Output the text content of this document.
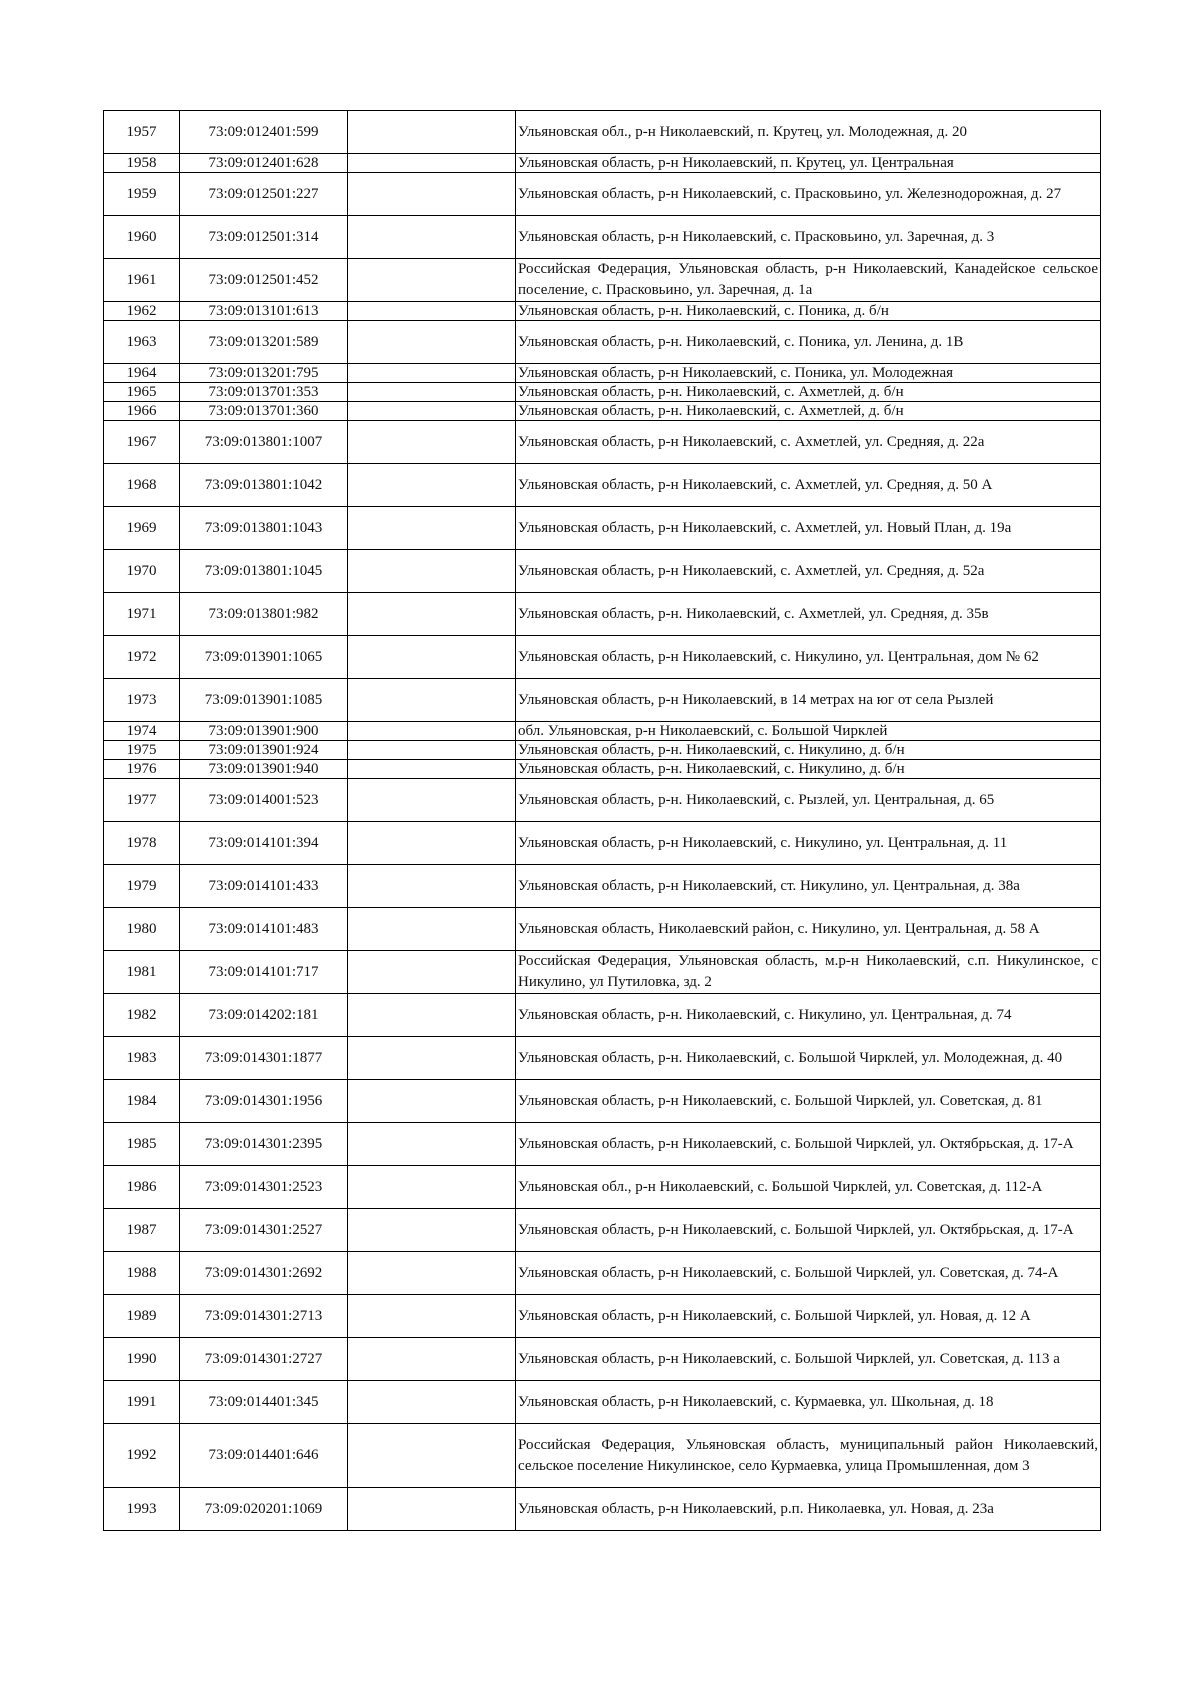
1957	73:09:012401:599		Ульяновская обл., р-н Николаевский, п. Крутец, ул. Молодежная, д. 20
1958	73:09:012401:628		Ульяновская область, р-н Николаевский, п. Крутец, ул. Центральная
1959	73:09:012501:227		Ульяновская область, р-н Николаевский, с. Прасковьино, ул. Железнодорожная, д. 27
1960	73:09:012501:314		Ульяновская область, р-н Николаевский, с. Прасковьино, ул. Заречная, д. 3
1961	73:09:012501:452		Российская Федерация, Ульяновская область, р-н Николаевский, Канадейское сельское поселение, с. Прасковьино, ул. Заречная, д. 1а
1962	73:09:013101:613		Ульяновская область, р-н. Николаевский, с. Поника, д. б/н
1963	73:09:013201:589		Ульяновская область, р-н. Николаевский, с. Поника, ул. Ленина, д. 1В
1964	73:09:013201:795		Ульяновская область, р-н Николаевский, с. Поника, ул. Молодежная
1965	73:09:013701:353		Ульяновская область, р-н. Николаевский, с. Ахметлей, д. б/н
1966	73:09:013701:360		Ульяновская область, р-н. Николаевский, с. Ахметлей, д. б/н
1967	73:09:013801:1007		Ульяновская область, р-н Николаевский, с. Ахметлей, ул. Средняя, д. 22а
1968	73:09:013801:1042		Ульяновская область, р-н Николаевский, с. Ахметлей, ул. Средняя, д. 50 А
1969	73:09:013801:1043		Ульяновская область, р-н Николаевский, с. Ахметлей, ул. Новый План, д. 19а
1970	73:09:013801:1045		Ульяновская область, р-н Николаевский, с. Ахметлей, ул. Средняя, д. 52а
1971	73:09:013801:982		Ульяновская область, р-н. Николаевский, с. Ахметлей, ул. Средняя, д. 35в
1972	73:09:013901:1065		Ульяновская область, р-н Николаевский, с. Никулино, ул. Центральная, дом № 62
1973	73:09:013901:1085		Ульяновская область, р-н Николаевский, в 14 метрах на юг от села Рызлей
1974	73:09:013901:900		обл. Ульяновская, р-н Николаевский, с. Большой Чирклей
1975	73:09:013901:924		Ульяновская область, р-н. Николаевский, с. Никулино, д. б/н
1976	73:09:013901:940		Ульяновская область, р-н. Николаевский, с. Никулино, д. б/н
1977	73:09:014001:523		Ульяновская область, р-н. Николаевский, с. Рызлей, ул. Центральная, д. 65
1978	73:09:014101:394		Ульяновская область, р-н Николаевский, с. Никулино, ул. Центральная, д. 11
1979	73:09:014101:433		Ульяновская область, р-н Николаевский, ст. Никулино, ул. Центральная, д. 38а
1980	73:09:014101:483		Ульяновская область, Николаевский район, с. Никулино, ул. Центральная, д. 58 А
1981	73:09:014101:717		Российская Федерация, Ульяновская область, м.р-н Николаевский, с.п. Никулинское, с Никулино, ул Путиловка, зд. 2
1982	73:09:014202:181		Ульяновская область, р-н. Николаевский, с. Никулино, ул. Центральная, д. 74
1983	73:09:014301:1877		Ульяновская область, р-н. Николаевский, с. Большой Чирклей, ул. Молодежная, д. 40
1984	73:09:014301:1956		Ульяновская область, р-н Николаевский, с. Большой Чирклей, ул. Советская, д. 81
1985	73:09:014301:2395		Ульяновская область, р-н Николаевский, с. Большой Чирклей, ул. Октябрьская, д. 17-А
1986	73:09:014301:2523		Ульяновская обл., р-н Николаевский, с. Большой Чирклей, ул. Советская, д. 112-А
1987	73:09:014301:2527		Ульяновская область, р-н Николаевский, с. Большой Чирклей, ул. Октябрьская, д. 17-А
1988	73:09:014301:2692		Ульяновская область, р-н Николаевский, с. Большой Чирклей, ул. Советская, д. 74-А
1989	73:09:014301:2713		Ульяновская область, р-н Николаевский, с. Большой Чирклей, ул. Новая, д. 12 А
1990	73:09:014301:2727		Ульяновская область, р-н Николаевский, с. Большой Чирклей, ул. Советская, д. 113 а
1991	73:09:014401:345		Ульяновская область, р-н Николаевский, с. Курмаевка, ул. Школьная, д. 18
1992	73:09:014401:646		Российская Федерация, Ульяновская область, муниципальный район Николаевский, сельское поселение Никулинское, село Курмаевка, улица Промышленная, дом 3
1993	73:09:020201:1069		Ульяновская область, р-н Николаевский, р.п. Николаевка, ул. Новая, д. 23а
